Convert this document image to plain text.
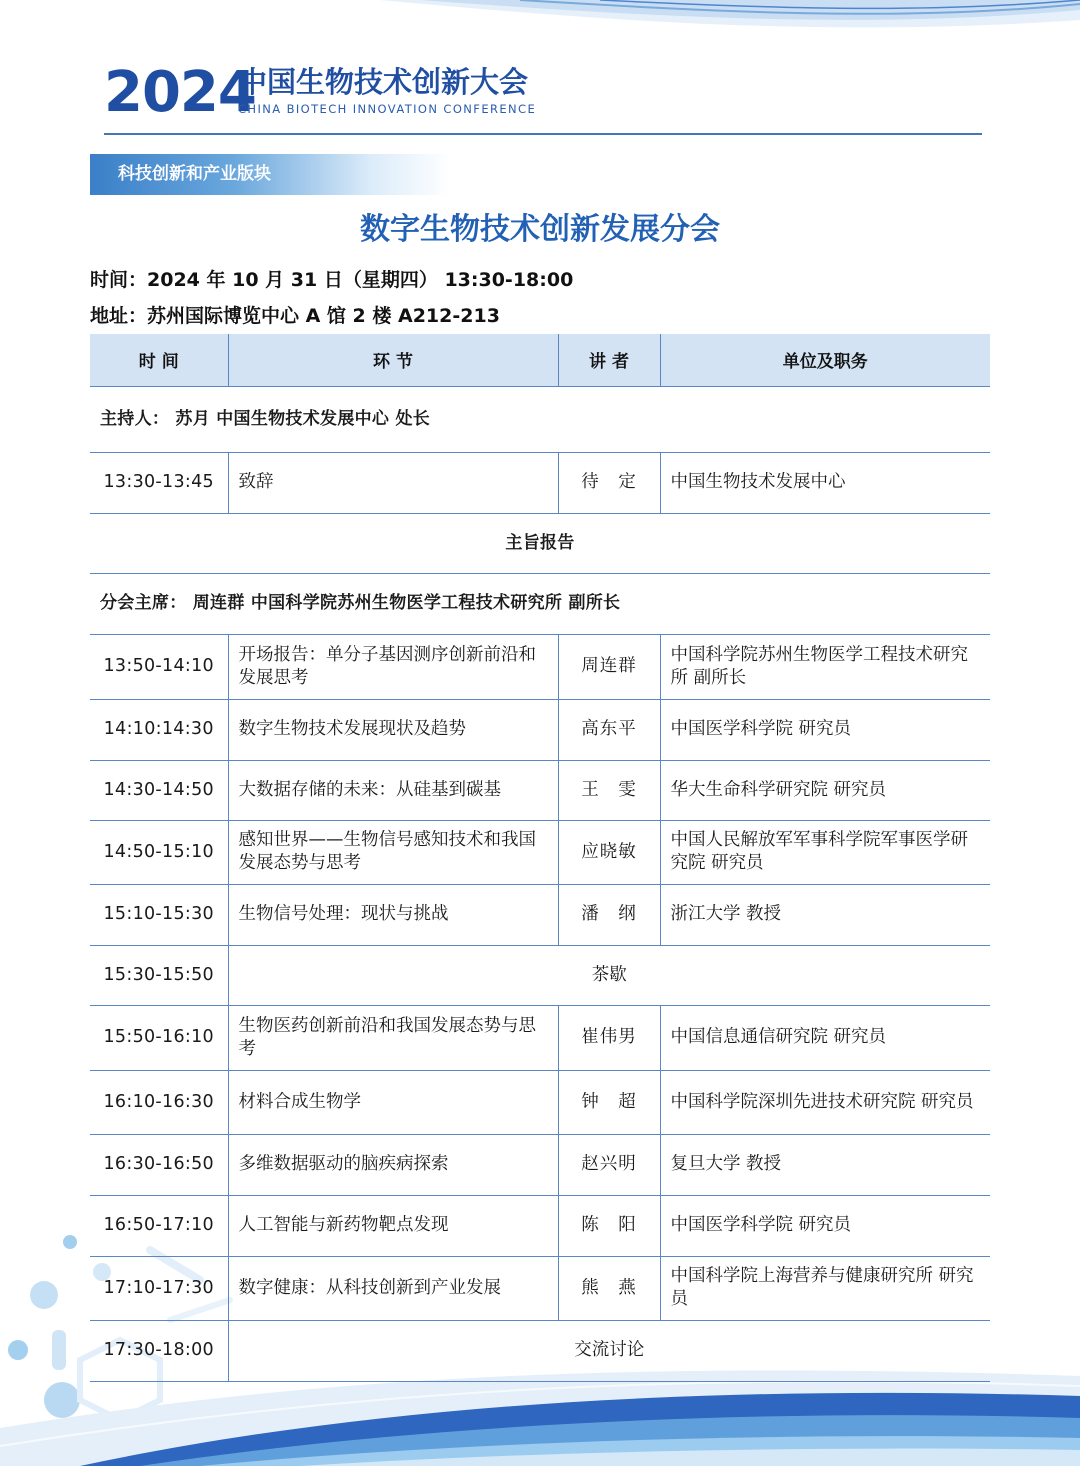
2024
中国生物技术创新大会
CHINA BIOTECH INNOVATION CONFERENCE
科技创新和产业版块
数字生物技术创新发展分会
时间：2024 年 10 月 31 日（星期四） 13:30-18:00
地址：苏州国际博览中心 A 馆 2 楼 A212-213
时 间	环 节	讲 者	单位及职务
主持人： 苏月 中国生物技术发展中心 处长			
13:30-13:45	致辞	待　定	中国生物技术发展中心
主旨报告			
分会主席： 周连群 中国科学院苏州生物医学工程技术研究所 副所长			
13:50-14:10	开场报告：单分子基因测序创新前沿和发展思考	周连群	中国科学院苏州生物医学工程技术研究所 副所长
14:10:14:30	数字生物技术发展现状及趋势	高东平	中国医学科学院 研究员
14:30-14:50	大数据存储的未来：从硅基到碳基	王　雯	华大生命科学研究院 研究员
14:50-15:10	感知世界——生物信号感知技术和我国发展态势与思考	应晓敏	中国人民解放军军事科学院军事医学研究院 研究员
15:10-15:30	生物信号处理：现状与挑战	潘　纲	浙江大学 教授
15:30-15:50	茶歇		
15:50-16:10	生物医药创新前沿和我国发展态势与思考	崔伟男	中国信息通信研究院 研究员
16:10-16:30	材料合成生物学	钟　超	中国科学院深圳先进技术研究院 研究员
16:30-16:50	多维数据驱动的脑疾病探索	赵兴明	复旦大学 教授
16:50-17:10	人工智能与新药物靶点发现	陈　阳	中国医学科学院 研究员
17:10-17:30	数字健康：从科技创新到产业发展	熊　燕	中国科学院上海营养与健康研究所 研究员
17:30-18:00	交流讨论		
